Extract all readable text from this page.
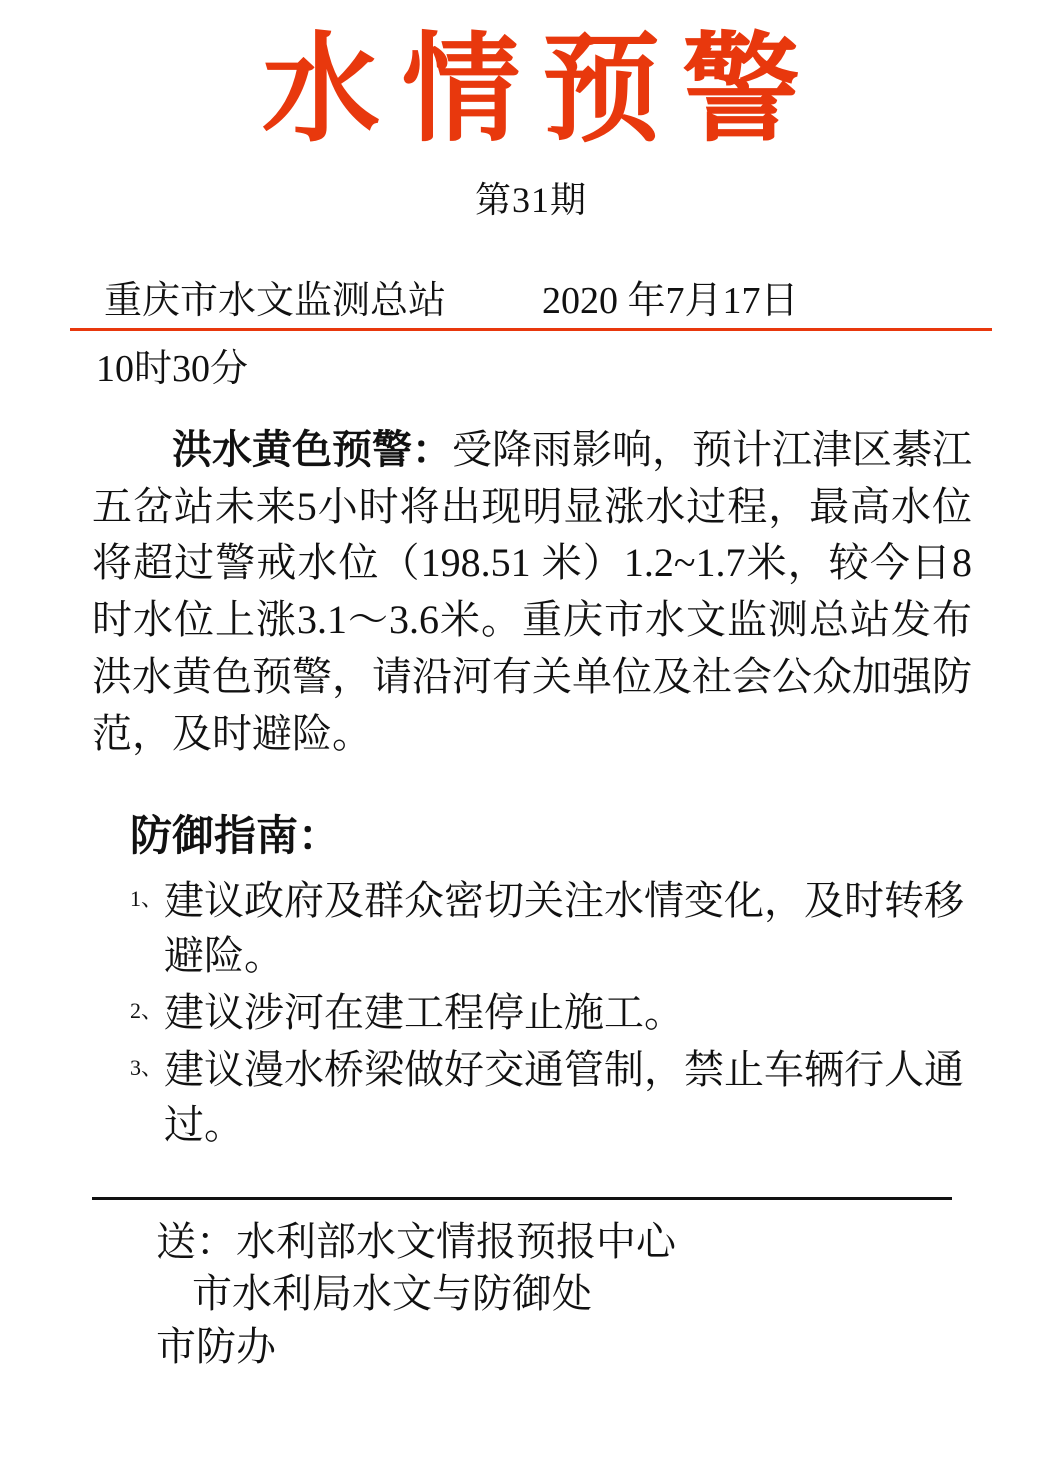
水情预警
第31期
重庆市水文监测总站	2020 年7月17日
10时30分

洪水黄色预警：受降雨影响，预计江津区綦江五岔站未来5小时将出现明显涨水过程，最高水位将超过警戒水位（198.51 米）1.2~1.7米，较今日8时水位上涨3.1～3.6米。重庆市水文监测总站发布洪水黄色预警，请沿河有关单位及社会公众加强防范，及时避险。

防御指南：
1、 建议政府及群众密切关注水情变化，及时转移避险。
2、 建议涉河在建工程停止施工。
3、 建议漫水桥梁做好交通管制，禁止车辆行人通过。
送：水利部水文情报预报中心
市水利局水文与防御处
市防办
